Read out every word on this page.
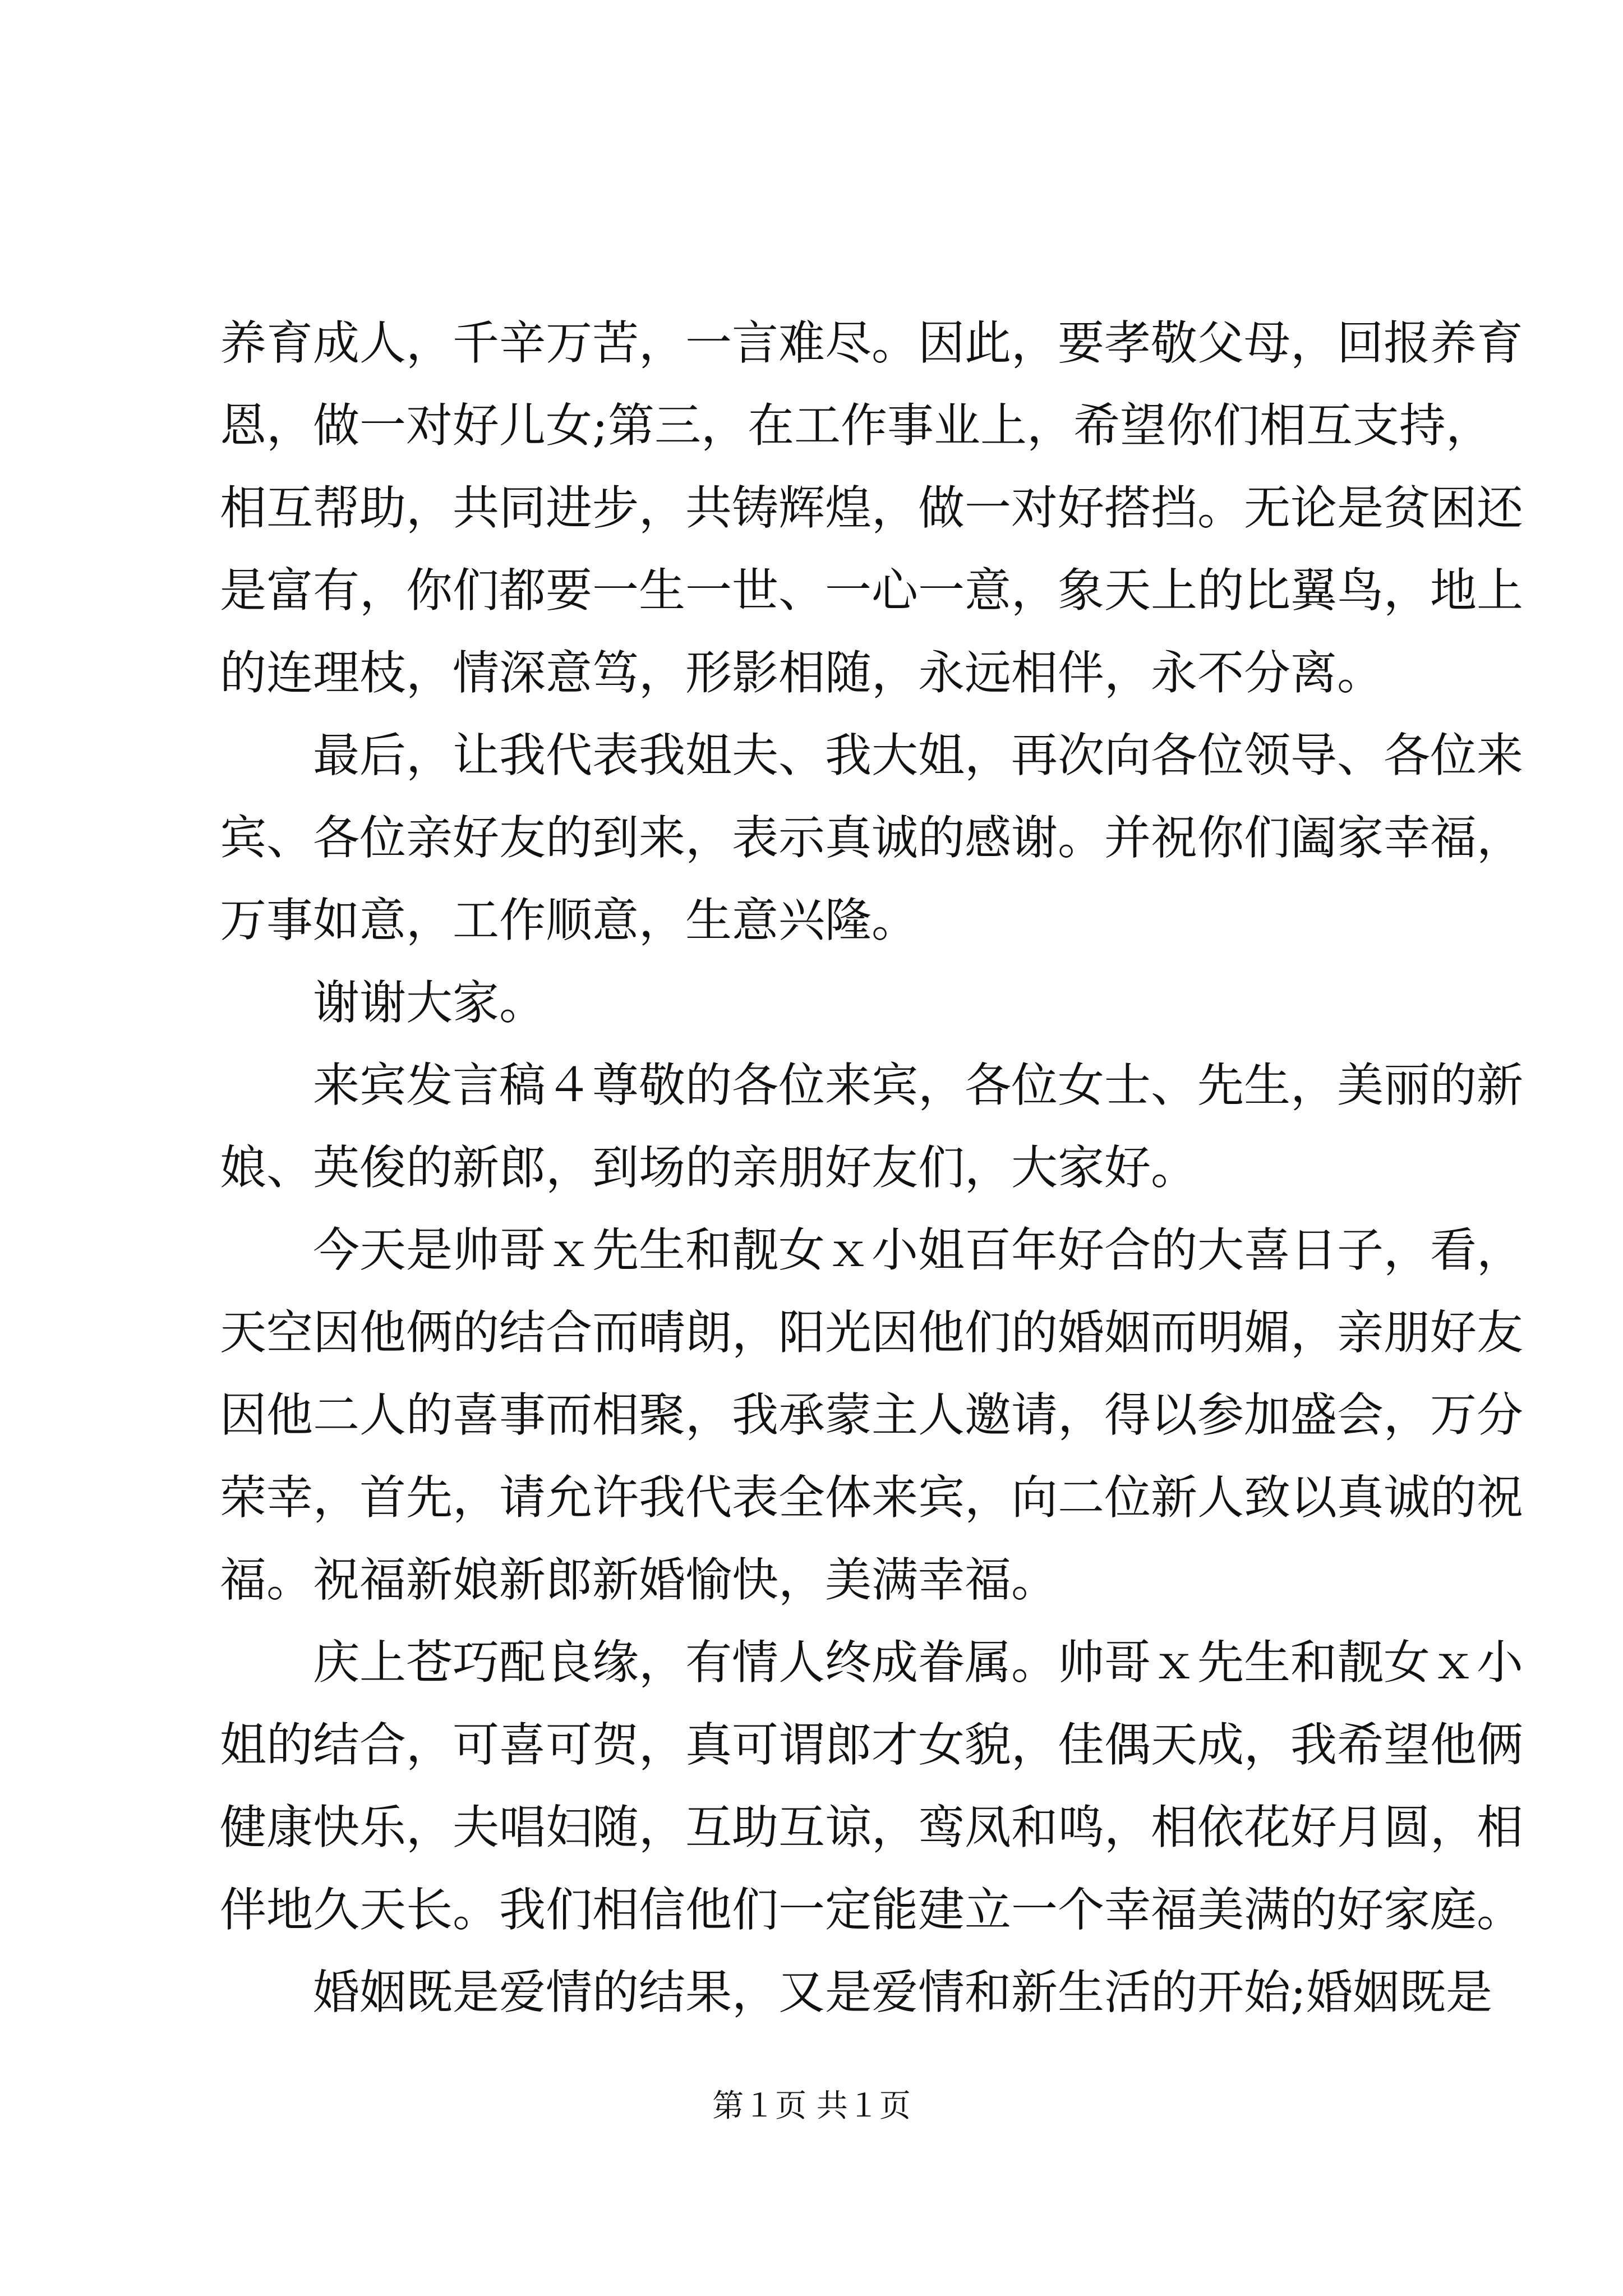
养育成人，千辛万苦，一言难尽。因此，要孝敬父母，回报养育
恩，做一对好儿女;第三，在工作事业上，希望你们相互支持，
相互帮助，共同进步，共铸辉煌，做一对好搭挡。无论是贫困还
是富有，你们都要一生一世、一心一意，象天上的比翼鸟，地上
的连理枝，情深意笃，形影相随，永远相伴，永不分离。
　　最后，让我代表我姐夫、我大姐，再次向各位领导、各位来
宾、各位亲好友的到来，表示真诚的感谢。并祝你们阖家幸福，
万事如意，工作顺意，生意兴隆。
　　谢谢大家。
　　来宾发言稿４尊敬的各位来宾，各位女士、先生，美丽的新
娘、英俊的新郎，到场的亲朋好友们，大家好。
　　今天是帅哥ｘ先生和靓女ｘ小姐百年好合的大喜日子，看，
天空因他俩的结合而晴朗，阳光因他们的婚姻而明媚，亲朋好友
因他二人的喜事而相聚，我承蒙主人邀请，得以参加盛会，万分
荣幸，首先，请允许我代表全体来宾，向二位新人致以真诚的祝
福。祝福新娘新郎新婚愉快，美满幸福。
　　庆上苍巧配良缘，有情人终成眷属。帅哥ｘ先生和靓女ｘ小
姐的结合，可喜可贺，真可谓郎才女貌，佳偶天成，我希望他俩
健康快乐，夫唱妇随，互助互谅，鸾凤和鸣，相依花好月圆，相
伴地久天长。我们相信他们一定能建立一个幸福美满的好家庭。
　　婚姻既是爱情的结果，又是爱情和新生活的开始;婚姻既是
第１页 共１页
